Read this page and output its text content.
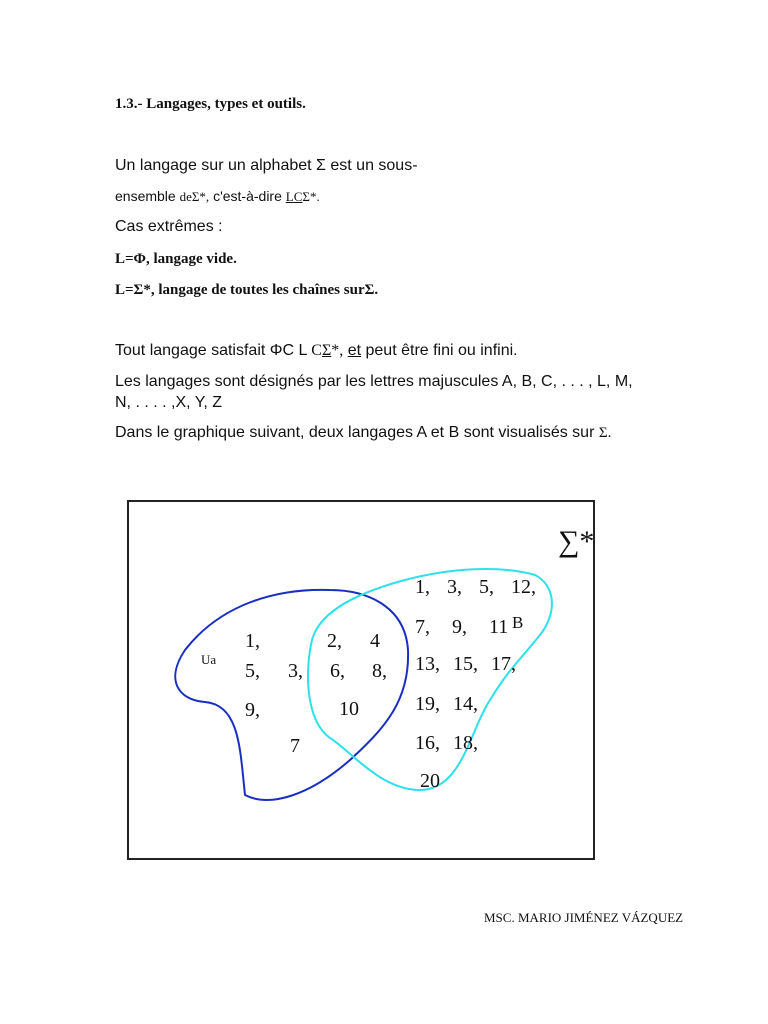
1.3.- Langages, types et outils.
Un langage sur un alphabet Σ est un sous-
ensemble deΣ*, c'est-à-dire LCΣ*.
Cas extrêmes :
L=Φ, langage vide.
L=Σ*, langage de toutes les chaînes surΣ.
Tout langage satisfait ΦC L CΣ*, et peut être fini ou infini.
Les langages sont désignés par les lettres majuscules A, B, C, . . . , L, M,
N, . . . . ,X, Y, Z
Dans le graphique suivant, deux langages A et B sont visualisés sur Σ.
∑*
Ua
B
1,
5, 3,
9,
7
2, 4
6, 8,
10
1, 3, 5, 12,
7, 9, 11
13, 15, 17,
19, 14,
16, 18,
20
MSC. MARIO JIMÉNEZ VÁZQUEZ
